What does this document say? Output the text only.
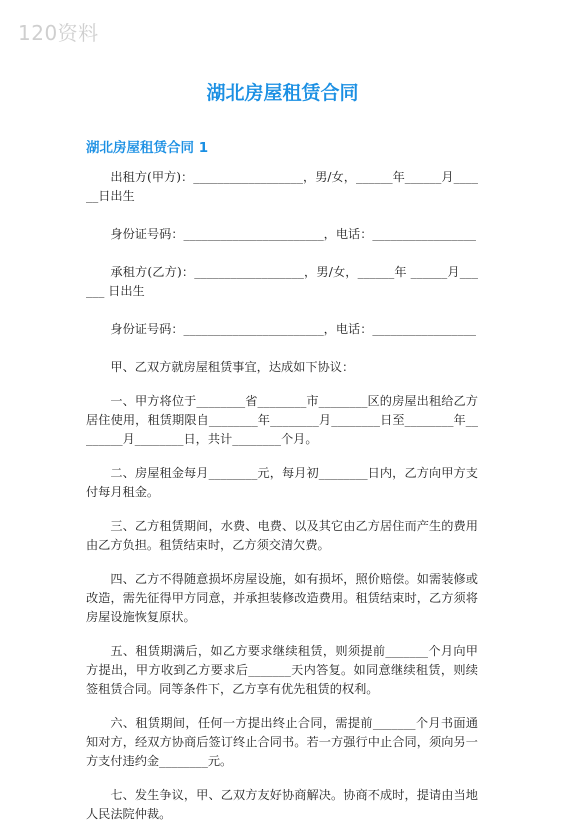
120资料
湖北房屋租赁合同
湖北房屋租赁合同 1

出租方(甲方)：__________________，男/女，______年______月______日出生

身份证号码：_______________________，电话：_________________

承租方(乙方)：__________________，男/女，______年 ______月______ 日出生

身份证号码：_______________________，电话：_________________

甲、乙双方就房屋租赁事宜，达成如下协议：

一、甲方将位于________省________市________区的房屋出租给乙方居住使用，租赁期限自________年________月________日至________年________月________日，共计________个月。

二、房屋租金每月________元，每月初________日内，乙方向甲方支付每月租金。

三、乙方租赁期间，水费、电费、以及其它由乙方居住而产生的费用由乙方负担。租赁结束时，乙方须交清欠费。

四、乙方不得随意损坏房屋设施，如有损坏，照价赔偿。如需装修或改造，需先征得甲方同意，并承担装修改造费用。租赁结束时，乙方须将房屋设施恢复原状。

五、租赁期满后，如乙方要求继续租赁，则须提前_______个月向甲方提出，甲方收到乙方要求后_______天内答复。如同意继续租赁，则续签租赁合同。同等条件下，乙方享有优先租赁的权利。

六、租赁期间，任何一方提出终止合同，需提前_______个月书面通知对方，经双方协商后签订终止合同书。若一方强行中止合同，须向另一方支付违约金________元。

七、发生争议，甲、乙双方友好协商解决。协商不成时，提请由当地人民法院仲裁。
